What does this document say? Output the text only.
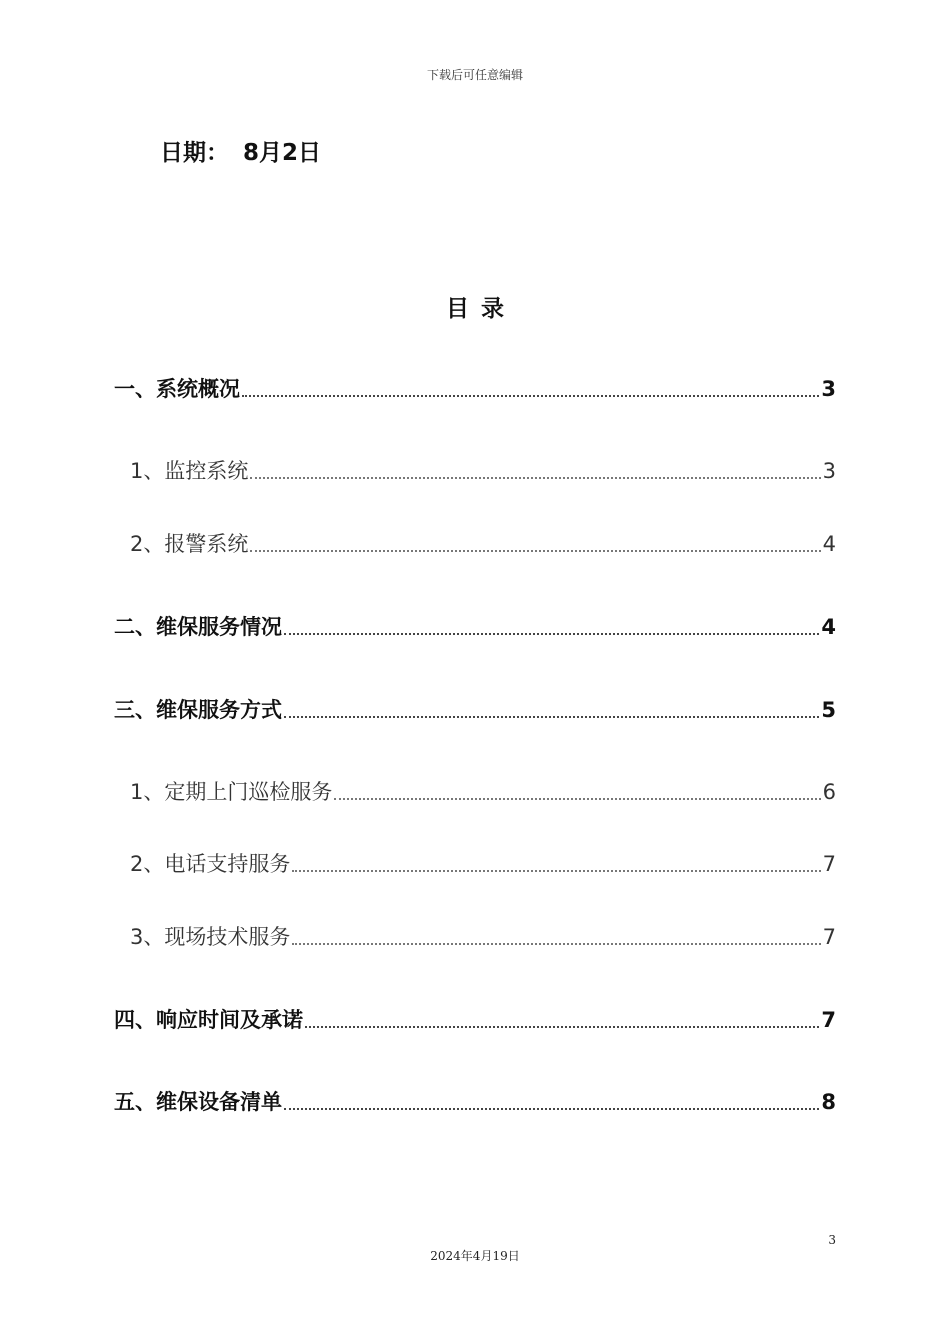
下载后可任意编辑
日期： 8月2日
目录
一、系统概况	3
1、监控系统	3
2、报警系统	4
二、维保服务情况	4
三、维保服务方式	5
1、定期上门巡检服务	6
2、电话支持服务	7
3、现场技术服务	7
四、响应时间及承诺	7
五、维保设备清单	8
3
2024年4月19日
